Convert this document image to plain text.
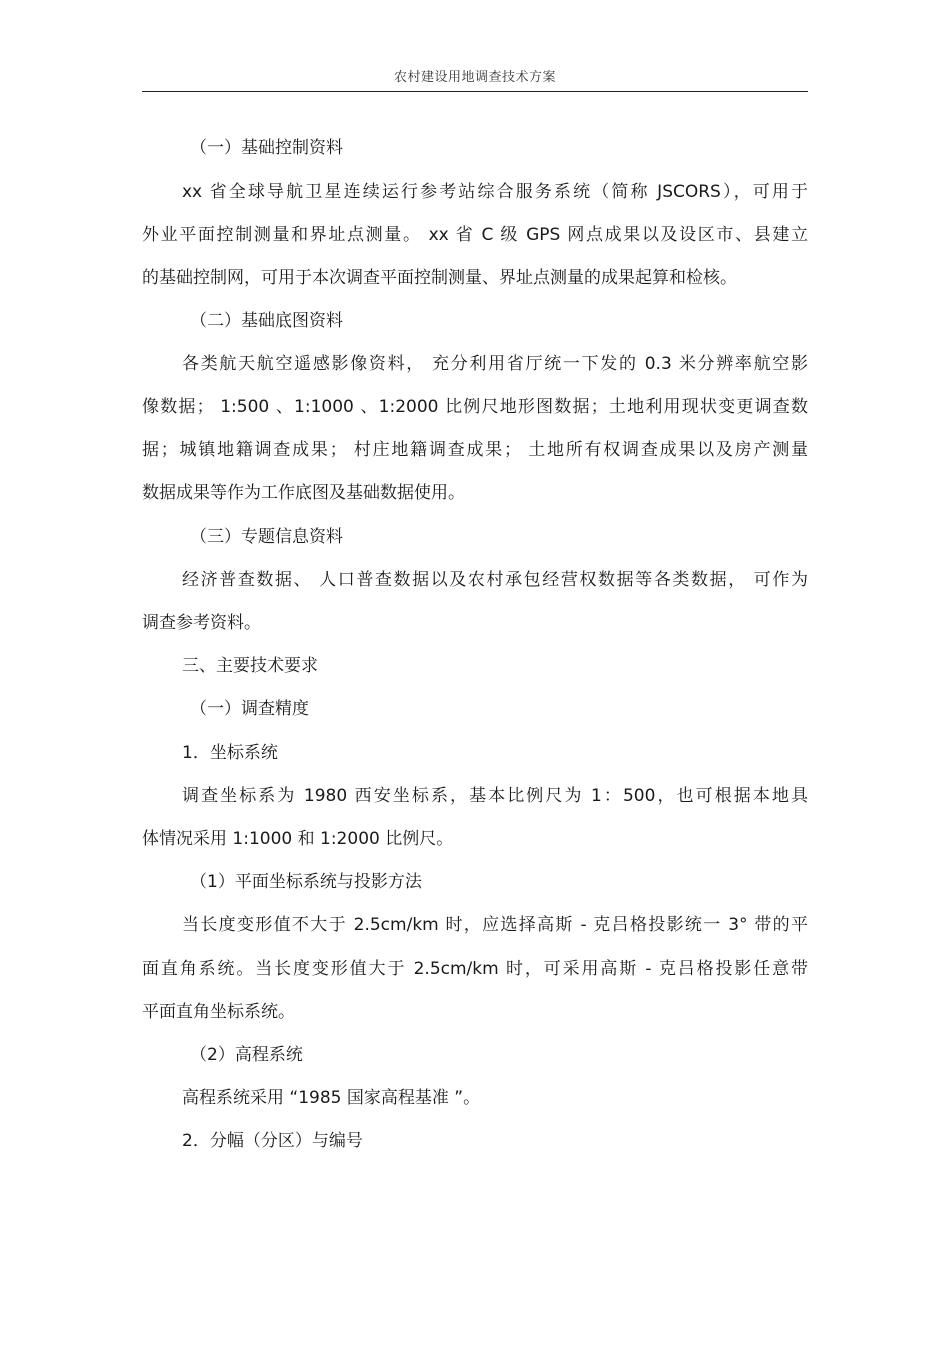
农村建设用地调查技术方案
（一）基础控制资料
xx 省全球导航卫星连续运行参考站综合服务系统（简称 JSCORS），可用于
外业平面控制测量和界址点测量。 xx 省 C 级 GPS 网点成果以及设区市、县建立
的基础控制网，可用于本次调查平面控制测量、界址点测量的成果起算和检核。
（二）基础底图资料
各类航天航空遥感影像资料， 充分利用省厅统一下发的 0.3 米分辨率航空影
像数据； 1:500 、1:1000 、1:2000 比例尺地形图数据；土地利用现状变更调查数
据；城镇地籍调查成果； 村庄地籍调查成果； 土地所有权调查成果以及房产测量
数据成果等作为工作底图及基础数据使用。
（三）专题信息资料
经济普查数据、 人口普查数据以及农村承包经营权数据等各类数据， 可作为
调查参考资料。
三、主要技术要求
（一）调查精度
1．坐标系统
调查坐标系为 1980 西安坐标系，基本比例尺为 1：500，也可根据本地具
体情况采用 1:1000 和 1:2000 比例尺。
（1）平面坐标系统与投影方法
当长度变形值不大于 2.5cm/km 时，应选择高斯 - 克吕格投影统一 3° 带的平
面直角系统。当长度变形值大于 2.5cm/km 时，可采用高斯 - 克吕格投影任意带
平面直角坐标系统。
（2）高程系统
高程系统采用 “1985 国家高程基准 ”。
2．分幅（分区）与编号
